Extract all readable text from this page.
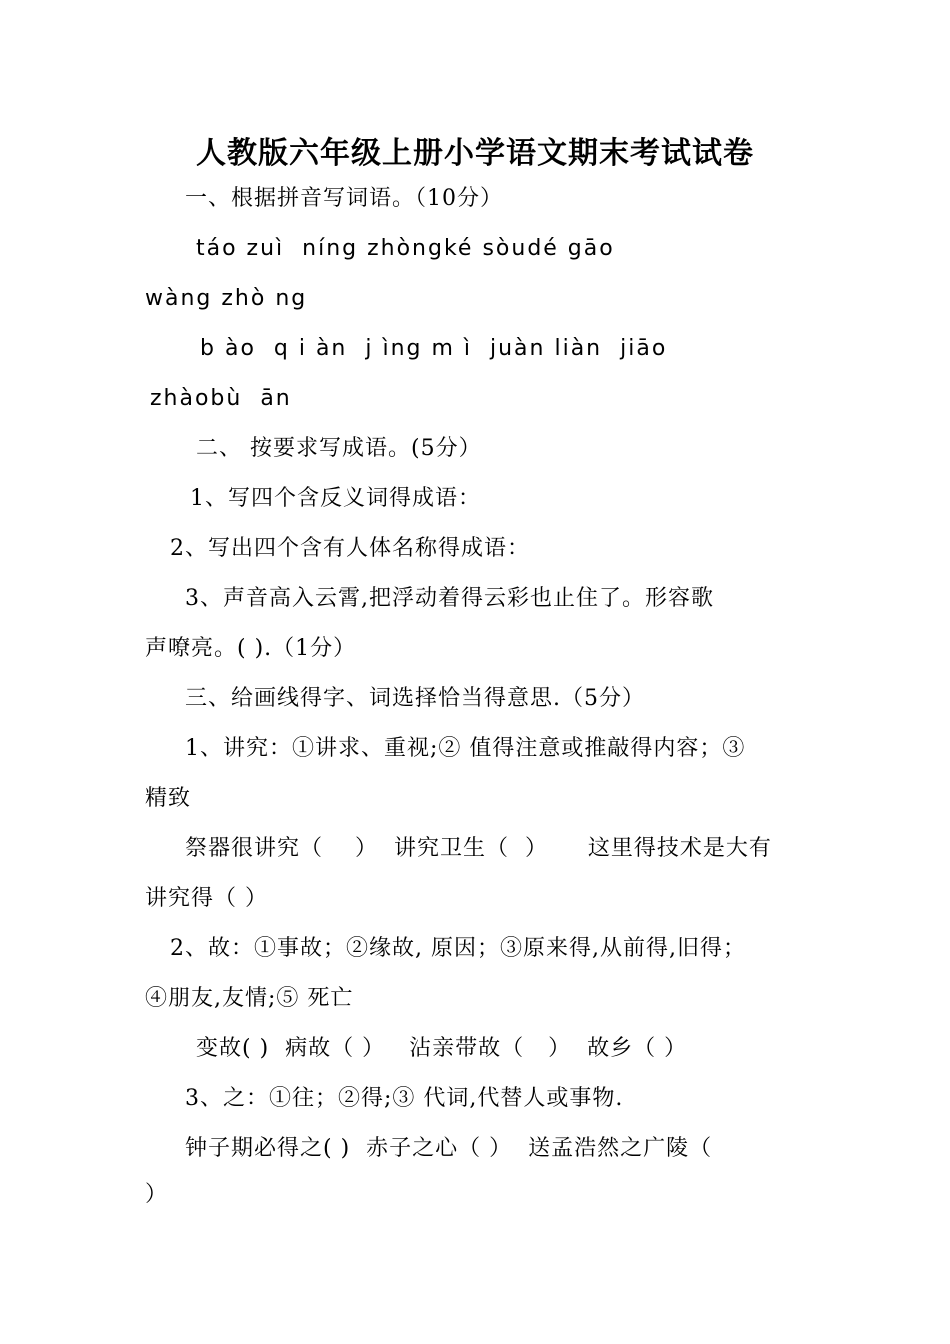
人教版六年级上册小学语文期末考试试卷
一、根据拼音写词语。（10分）
táo zuì  níng zhòngké sòudé gāo
wàng zhò ng
b ào  q i àn  j ìng m ì  juàn liàn  jiāo
zhàobù  ān
二、 按要求写成语。(5分）
1、写四个含反义词得成语：
2、写出四个含有人体名称得成语：
3、声音高入云霄,把浮动着得云彩也止住了。形容歌
声嘹亮。( ).（1分）
三、给画线得字、词选择恰当得意思.（5分）
1、讲究：①讲求、重视;② 值得注意或推敲得内容；③
精致
祭器很讲究（    ）  讲究卫生（  ）     这里得技术是大有
讲究得（ ）
2、故：①事故；②缘故, 原因；③原来得,从前得,旧得；
④朋友,友情;⑤ 死亡
变故( )  病故（ ）   沾亲带故（   ）  故乡（ ）
3、之：①往；②得;③ 代词,代替人或事物.
钟子期必得之( )  赤子之心（ ）  送孟浩然之广陵（
）
